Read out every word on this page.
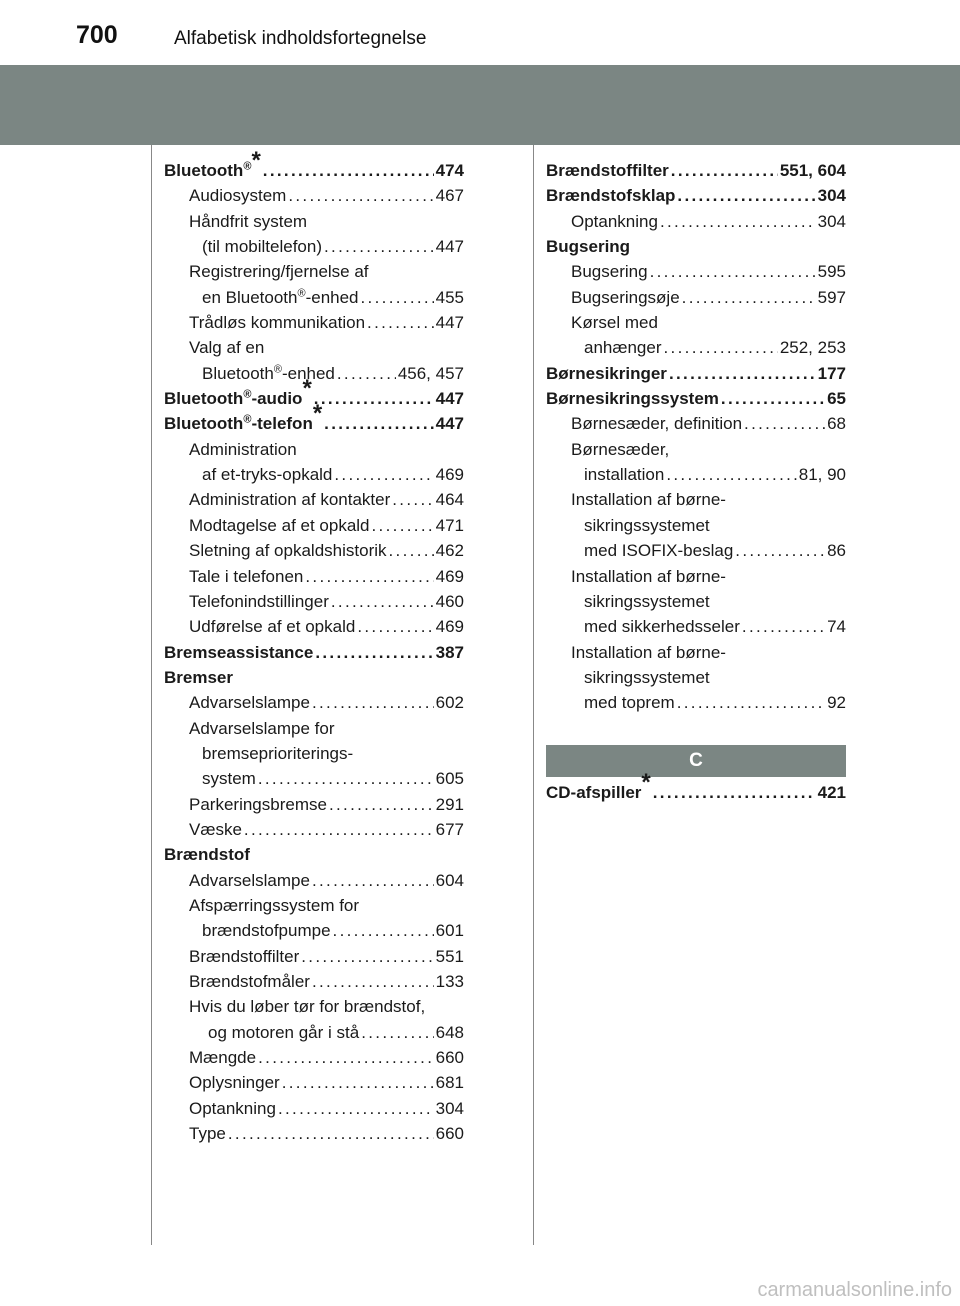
700	Alfabetisk indholdsfortegnelse
Bluetooth®* . . .	474
Audiosystem . . .	467
Håndfrit system
(til mobiltelefon) . . .	447
Registrering/fjernelse af
en Bluetooth®-enhed . . .	455
Trådløs kommunikation . . .	447
Valg af en
Bluetooth®-enhed . . .	456, 457
Bluetooth®-audio* . . .	447
Bluetooth®-telefon* . . .	447
Administration
af et-tryks-opkald . . .	469
Administration af kontakter . . .	464
Modtagelse af et opkald . . .	471
Sletning af opkaldshistorik . . .	462
Tale i telefonen . . .	469
Telefonindstillinger . . .	460
Udførelse af et opkald . . .	469
Bremseassistance . . .	387
Bremser
Advarselslampe . . .	602
Advarselslampe for
bremseprioriterings-
system . . .	605
Parkeringsbremse . . .	291
Væske . . .	677
Brændstof
Advarselslampe . . .	604
Afspærringssystem for
brændstofpumpe . . .	601
Brændstoffilter . . .	551
Brændstofmåler . . .	133
Hvis du løber tør for brændstof,
og motoren går i stå . . .	648
Mængde . . .	660
Oplysninger . . .	681
Optankning . . .	304
Type . . .	660
Brændstoffilter . . .	551, 604
Brændstofsklap . . .	304
Optankning . . .	304
Bugsering
Bugsering . . .	595
Bugseringsøje . . .	597
Kørsel med
anhænger . . .	252, 253
Børnesikringer . . .	177
Børnesikringssystem . . .	65
Børnesæder, definition . . .	68
Børnesæder,
installation . . .	81, 90
Installation af børne-
sikringssystemet
med ISOFIX-beslag . . .	86
Installation af børne-
sikringssystemet
med sikkerhedsseler . . .	74
Installation af børne-
sikringssystemet
med toprem . . .	92
C
CD-afspiller* . . .	421
carmanualsonline.info
